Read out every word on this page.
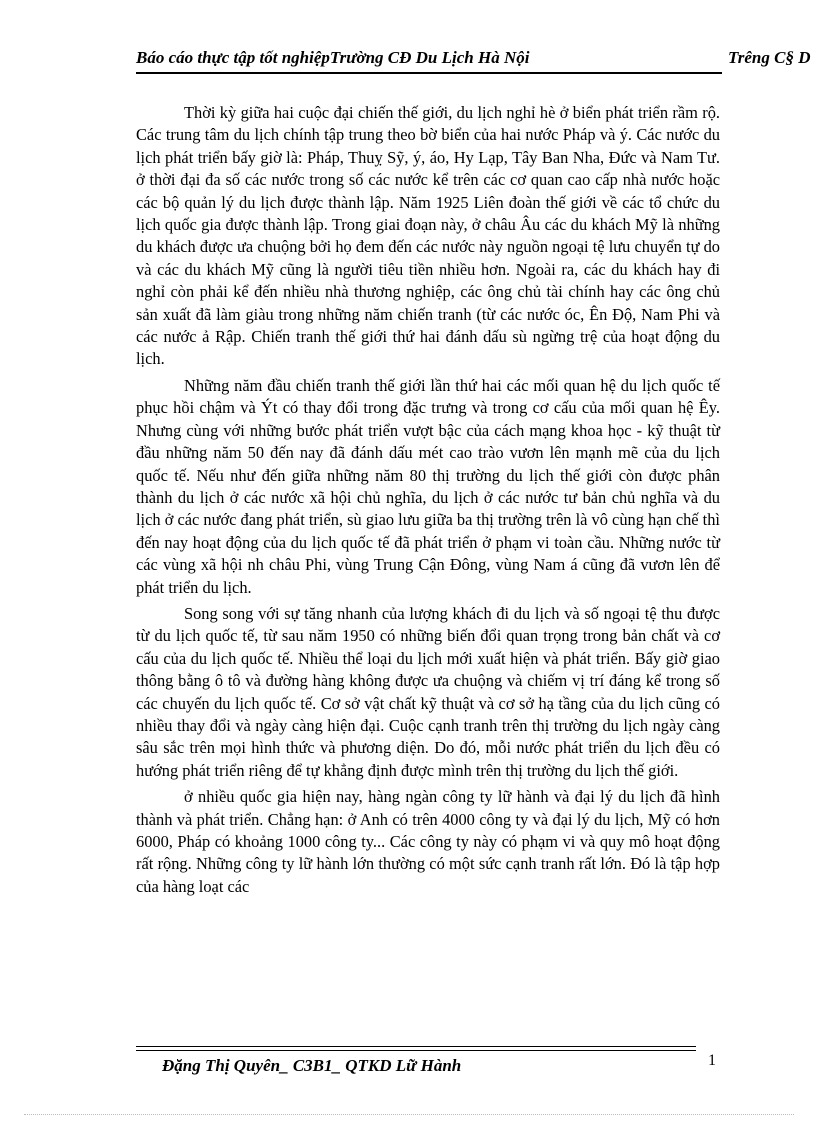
Báo cáo thực tập tốt nghiệpTrường CĐ Du Lịch Hà Nội	Trêng C§ D

Thời kỳ giữa hai cuộc đại chiến thế giới, du lịch nghỉ hè ở biển phát triển rầm rộ. Các trung tâm du lịch chính tập trung theo bờ biển của hai nước Pháp và ý. Các nước du lịch phát triển bấy giờ là: Pháp, Thuỵ Sỹ, ý, áo, Hy Lạp, Tây Ban Nha, Đức và Nam Tư. ở thời đại đa số các nước trong số các nước kể trên các cơ quan cao cấp nhà nước hoặc các bộ quản lý du lịch được thành lập. Năm 1925 Liên đoàn thế giới về các tổ chức du lịch quốc gia được thành lập. Trong giai đoạn này, ở châu Âu các du khách Mỹ là những du khách được ưa chuộng bởi họ đem đến các nước này nguồn ngoại tệ lưu chuyển tự do và các du khách Mỹ cũng là người tiêu tiền nhiều hơn. Ngoài ra, các du khách hay đi nghỉ còn phải kể đến nhiều nhà thương nghiệp, các ông chủ tài chính hay các ông chủ sản xuất đã làm giàu trong những năm chiến tranh (từ các nước óc, Ên Độ, Nam Phi và các nước ả Rập. Chiến tranh thế giới thứ hai đánh dấu sù ngừng trệ của hoạt động du lịch.

Những năm đầu chiến tranh thế giới lần thứ hai các mối quan hệ du lịch quốc tế phục hồi chậm và Ýt có thay đổi trong đặc trưng và trong cơ cấu của mối quan hệ Êy. Nhưng cùng với những bước phát triển vượt bậc của cách mạng khoa học - kỹ thuật từ đầu những năm 50 đến nay đã đánh dấu mét cao trào vươn lên mạnh mẽ của du lịch quốc tế. Nếu như đến giữa những năm 80 thị trường du lịch thế giới còn được phân thành du lịch ở các nước xã hội chủ nghĩa, du lịch ở các nước tư bản chủ nghĩa và du lịch ở các nước đang phát triển, sù giao lưu giữa ba thị trường trên là vô cùng hạn chế thì đến nay hoạt động của du lịch quốc tế đã phát triển ở phạm vi toàn cầu. Những nước từ các vùng xã hội nh châu Phi, vùng Trung Cận Đông, vùng Nam á cũng đã vươn lên để phát triển du lịch.

Song song với sự tăng nhanh của lượng khách đi du lịch và số ngoại tệ thu được từ du lịch quốc tế, từ sau năm 1950 có những biến đổi quan trọng trong bản chất và cơ cấu của du lịch quốc tế. Nhiều thể loại du lịch mới xuất hiện và phát triển. Bấy giờ giao thông bằng ô tô và đường hàng không được ưa chuộng và chiếm vị trí đáng kể trong số các chuyến du lịch quốc tế. Cơ sở vật chất kỹ thuật và cơ sở hạ tầng của du lịch cũng có nhiều thay đổi và ngày càng hiện đại. Cuộc cạnh tranh trên thị trường du lịch ngày càng sâu sắc trên mọi hình thức và phương diện. Do đó, mỗi nước phát triển du lịch đều có hướng phát triển riêng để tự khẳng định được mình trên thị trường du lịch thế giới.

ở nhiều quốc gia hiện nay, hàng ngàn công ty lữ hành và đại lý du lịch đã hình thành và phát triển. Chẳng hạn: ở Anh có trên 4000 công ty và đại lý du lịch, Mỹ có hơn 6000, Pháp có khoảng 1000 công ty... Các công ty này có phạm vi và quy mô hoạt động rất rộng. Những công ty lữ hành lớn thường có một sức cạnh tranh rất lớn. Đó là tập hợp của hàng loạt các

Đặng Thị Quyên_ C3B1_ QTKD Lữ Hành	1
